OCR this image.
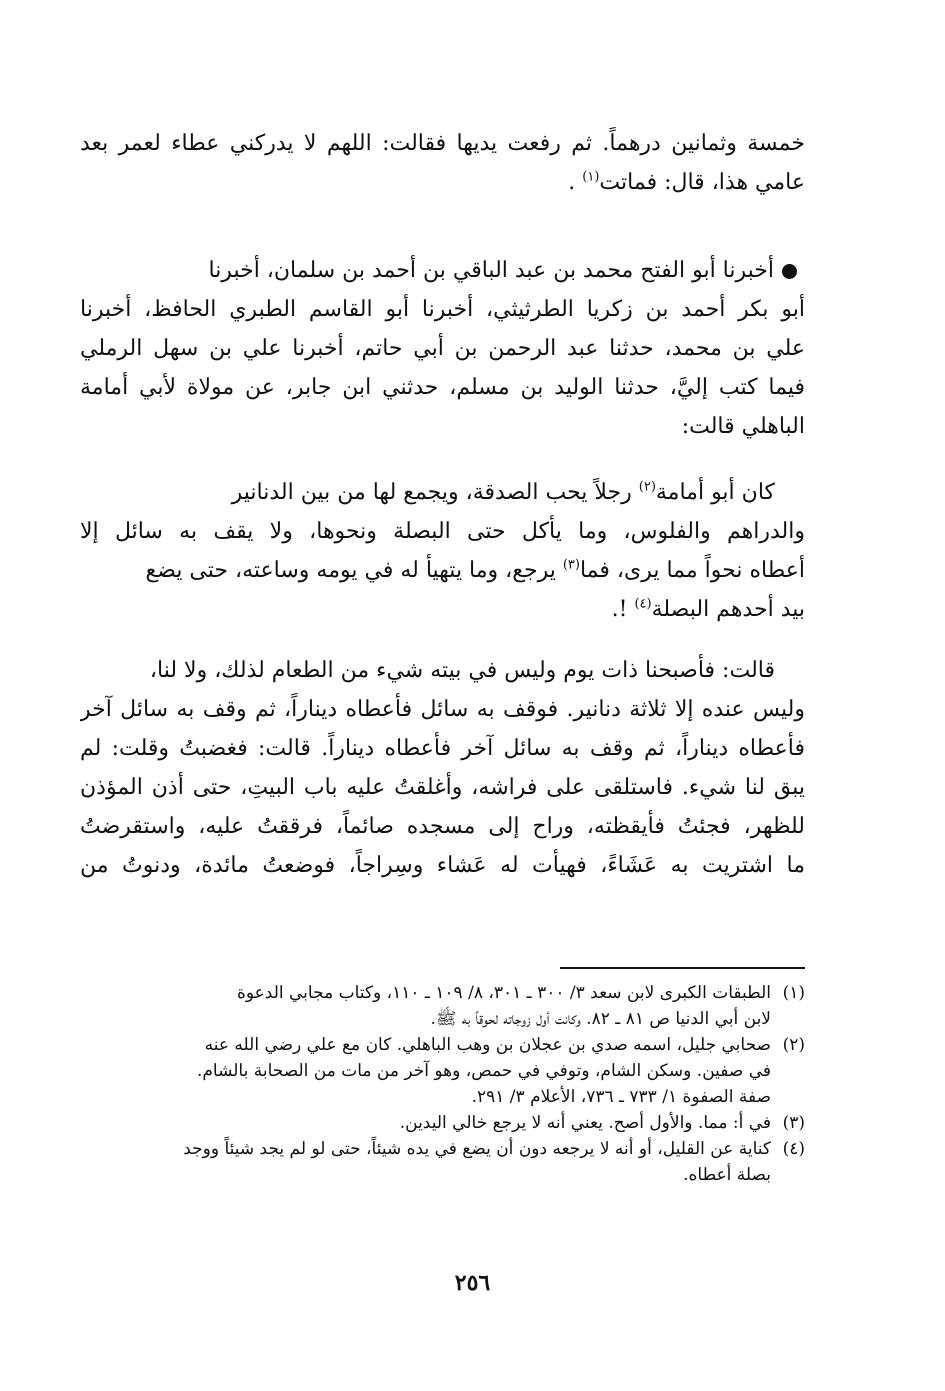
خمسة وثمانين درهماً. ثم رفعت يديها فقالت: اللهم لا يدركني عطاء لعمر بعد
عامي هذا، قال: فماتت$^{(١)}$ .
أخبرنا أبو الفتح محمد بن عبد الباقي بن أحمد بن سلمان، أخبرنا
أبو بكر أحمد بن زكريا الطرثيثي، أخبرنا أبو القاسم الطبري الحافظ، أخبرنا
علي بن محمد، حدثنا عبد الرحمن بن أبي حاتم، أخبرنا علي بن سهل الرملي
فيما كتب إليَّ، حدثنا الوليد بن مسلم، حدثني ابن جابر، عن مولاة لأبي أمامة
الباهلي قالت:
كان أبو أمامة$^{(٢)}$ رجلاً يحب الصدقة، ويجمع لها من بين الدنانير
والدراهم والفلوس، وما يأكل حتى البصلة ونحوها، ولا يقف به سائل إلا
أعطاه نحواً مما يرى، فما$^{(٣)}$ يرجع، وما يتهيأ له في يومه وساعته، حتى يضع
بيد أحدهم البصلة$^{(٤)}$ !.
قالت: فأصبحنا ذات يوم وليس في بيته شيء من الطعام لذلك، ولا لنا،
وليس عنده إلا ثلاثة دنانير. فوقف به سائل فأعطاه ديناراً، ثم وقف به سائل آخر
فأعطاه ديناراً، ثم وقف به سائل آخر فأعطاه ديناراً. قالت: فغضبتُ وقلت: لم
يبق لنا شيء. فاستلقى على فراشه، وأغلقتُ عليه باب البيتِ، حتى أذن المؤذن
للظهر، فجئتُ فأيقظته، وراح إلى مسجده صائماً، فرققتُ عليه، واستقرضتُ
ما اشتريت به عَشَاءً، فهيأت له عَشاء وسِراجاً، فوضعتُ مائدة، ودنوتُ من
(١)الطبقات الكبرى لابن سعد ٣/ ٣٠٠ ـ ٣٠١، ٨/ ١٠٩ ـ ١١٠، وكتاب مجابي الدعوة
لابن أبي الدنيا ص ٨١ ـ ٨٢. وكانت أول زوجاته لحوقاً به ﷺ.
(٢)صحابي جليل، اسمه صدي بن عجلان بن وهب الباهلي. كان مع علي رضي الله عنه
في صفين. وسكن الشام، وتوفي في حمص، وهو آخر من مات من الصحابة بالشام.
صفة الصفوة ١/ ٧٣٣ ـ ٧٣٦، الأعلام ٣/ ٢٩١.
(٣)في أ: مما. والأول أصح. يعني أنه لا يرجع خالي اليدين.
(٤)كناية عن القليل، أو أنه لا يرجعه دون أن يضع في يده شيئاً، حتى لو لم يجد شيئاً ووجد
بصلة أعطاه.
٢٥٦
